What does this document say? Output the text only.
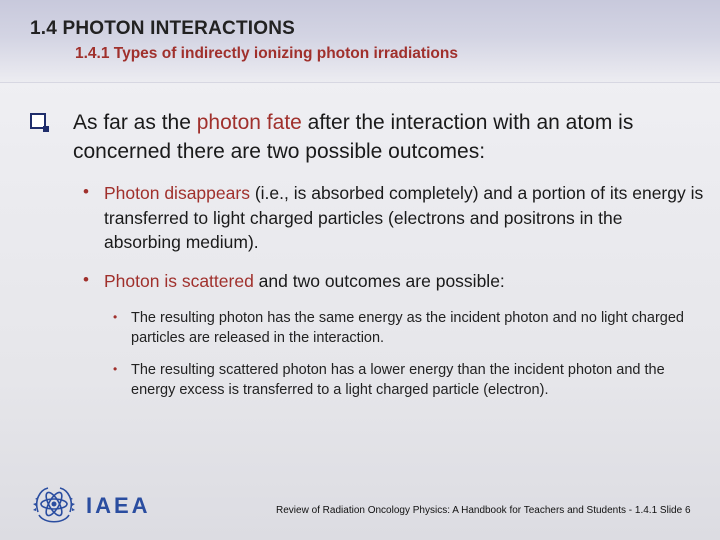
1.4 PHOTON INTERACTIONS
1.4.1 Types of indirectly ionizing photon irradiations
As far as the photon fate after the interaction with an atom is concerned there are two possible outcomes:
• Photon disappears (i.e., is absorbed completely) and a portion of its energy is transferred to light charged particles (electrons and positrons in the absorbing medium).
• Photon is scattered and two outcomes are possible:
• The resulting photon has the same energy as the incident photon and no light charged particles are released in the interaction.
• The resulting scattered photon has a lower energy than the incident photon and the energy excess is transferred to a light charged particle (electron).
IAEA	Review of Radiation Oncology Physics: A Handbook for Teachers and Students - 1.4.1 Slide 6
